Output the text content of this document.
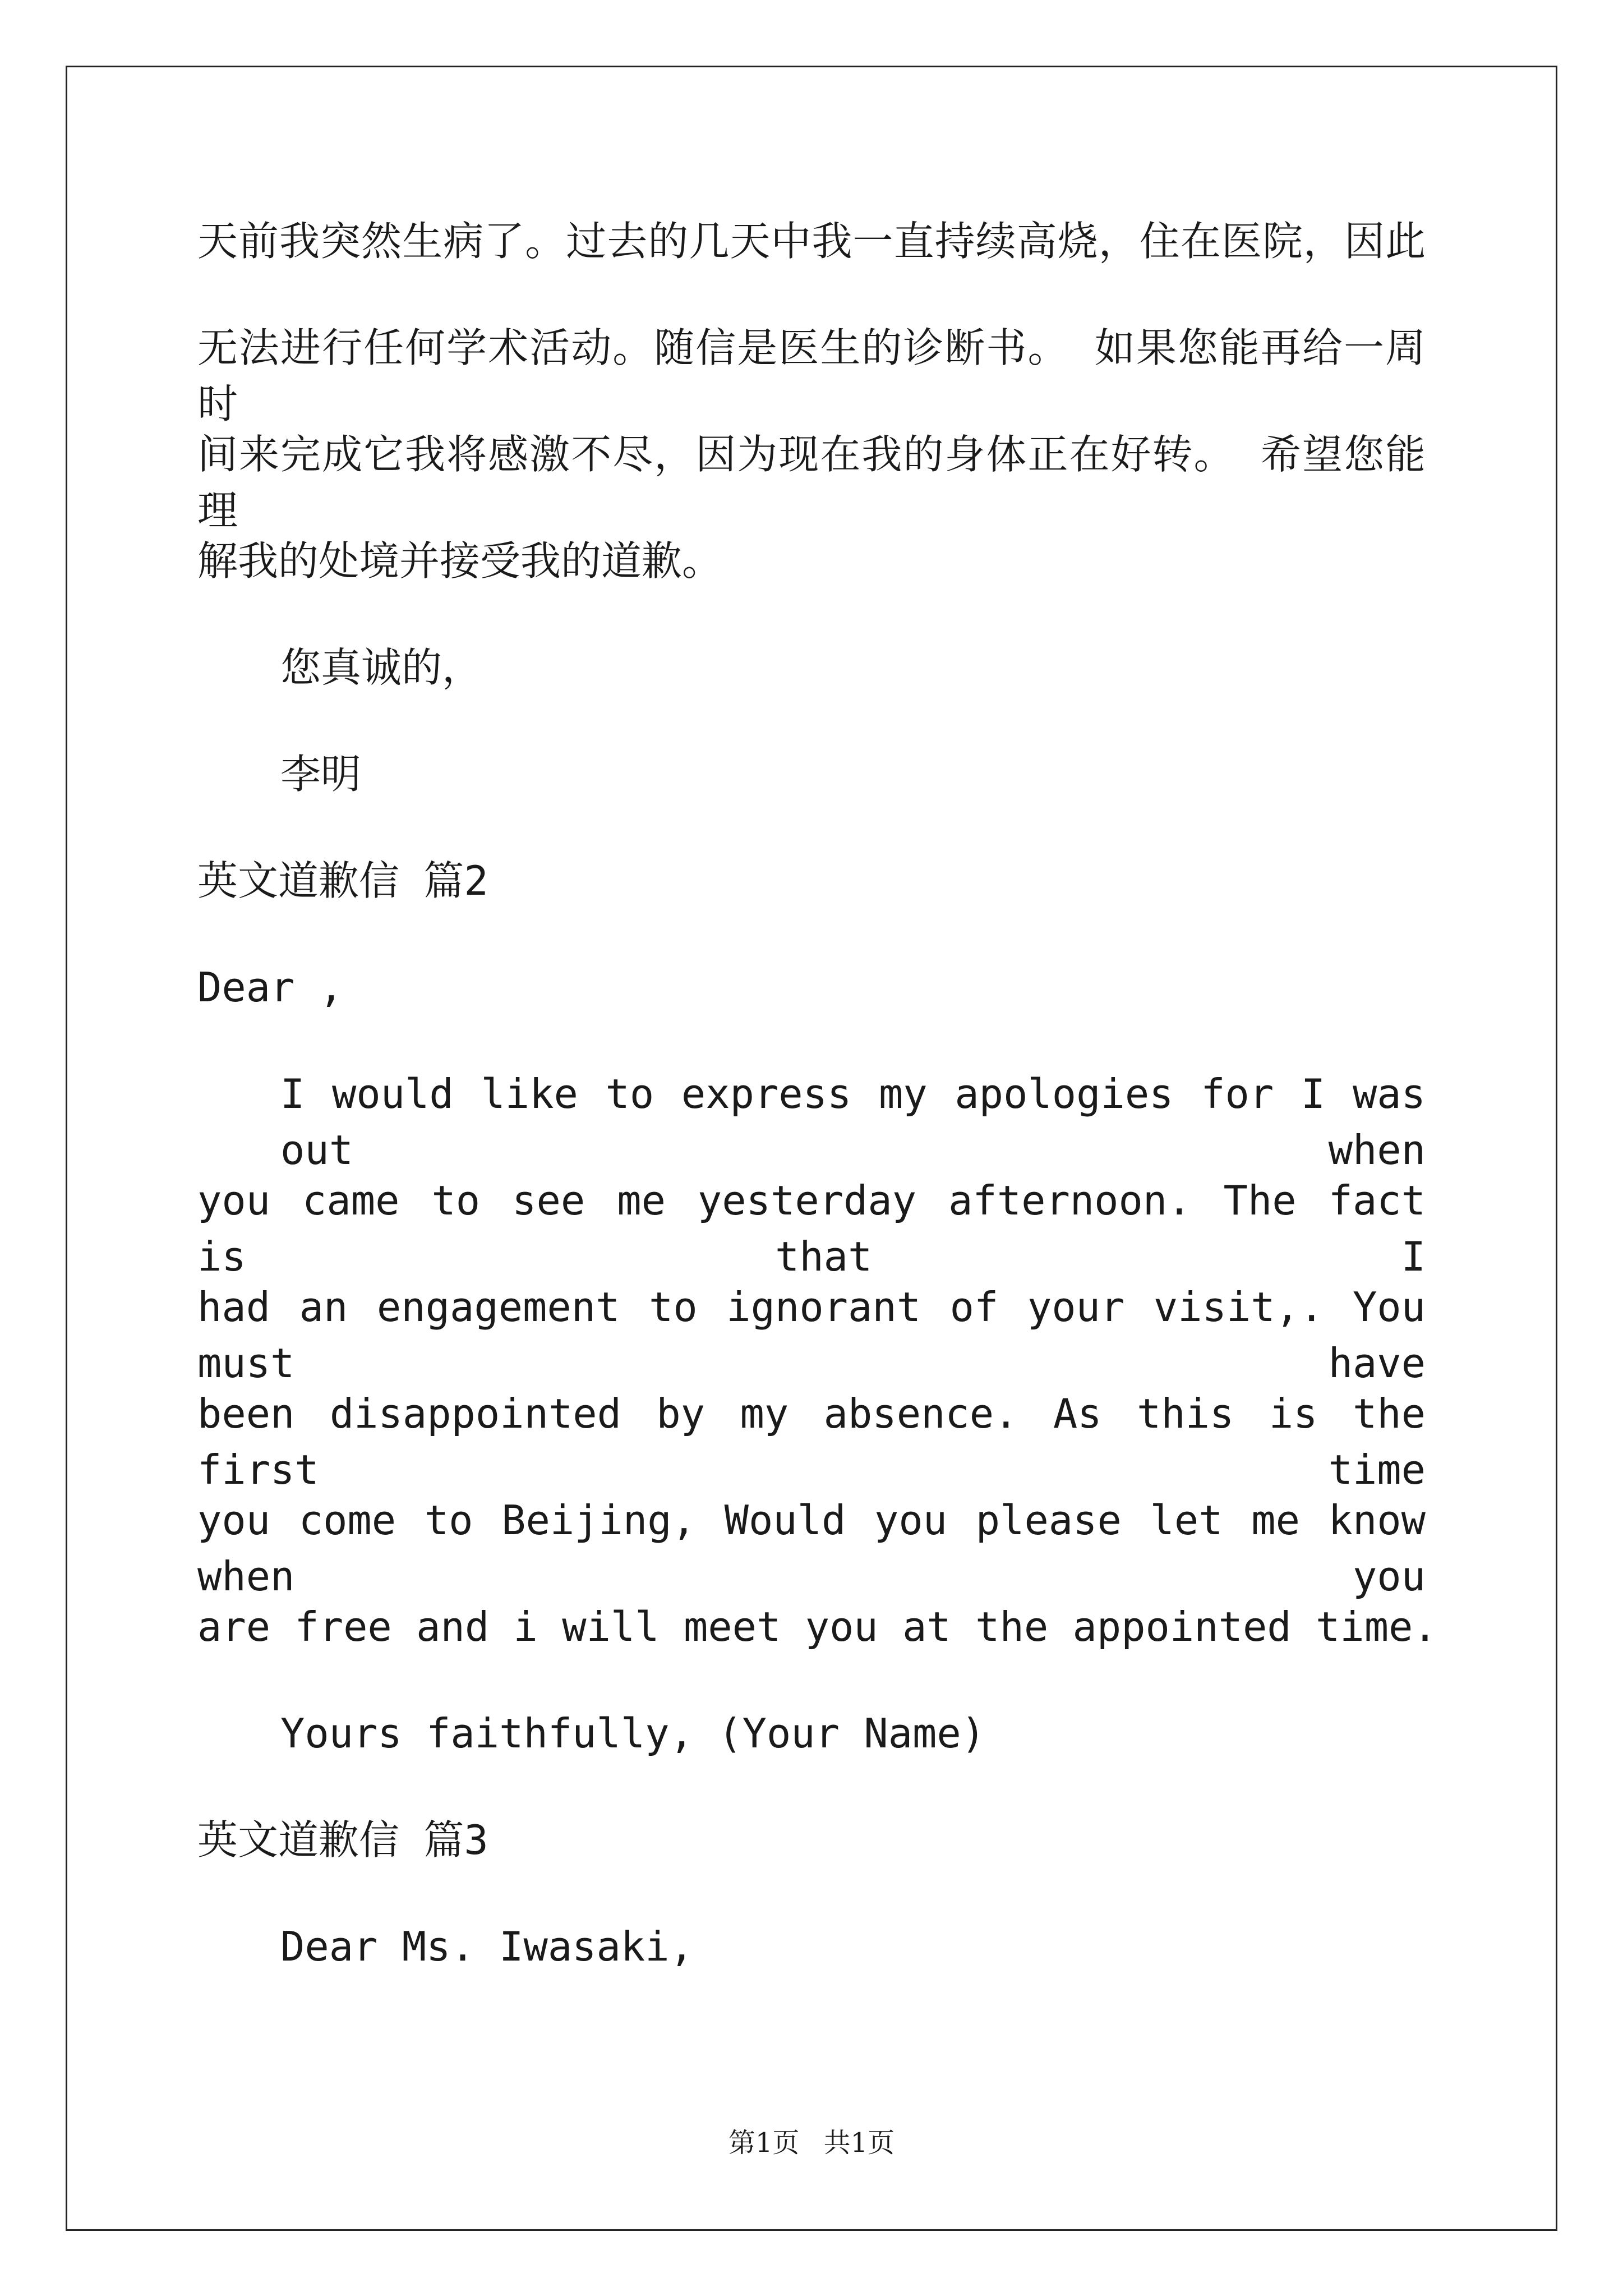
天前我突然生病了。过去的几天中我一直持续高烧，住在医院，因此
无法进行任何学术活动。随信是医生的诊断书。 如果您能再给一周时
间来完成它我将感激不尽，因为现在我的身体正在好转。 希望您能理
解我的处境并接受我的道歉。
您真诚的，
李明
英文道歉信 篇2
Dear ,
I would like to express my apologies for I was out when
you came to see me yesterday afternoon. The fact is that I
had an engagement to ignorant of your visit,. You must have
been disappointed by my absence. As this is the first time
you come to Beijing, Would you please let me know when you
are free and i will meet you at the appointed time.
Yours faithfully, (Your Name)
英文道歉信 篇3
Dear Ms. Iwasaki,
第1页 共1页
